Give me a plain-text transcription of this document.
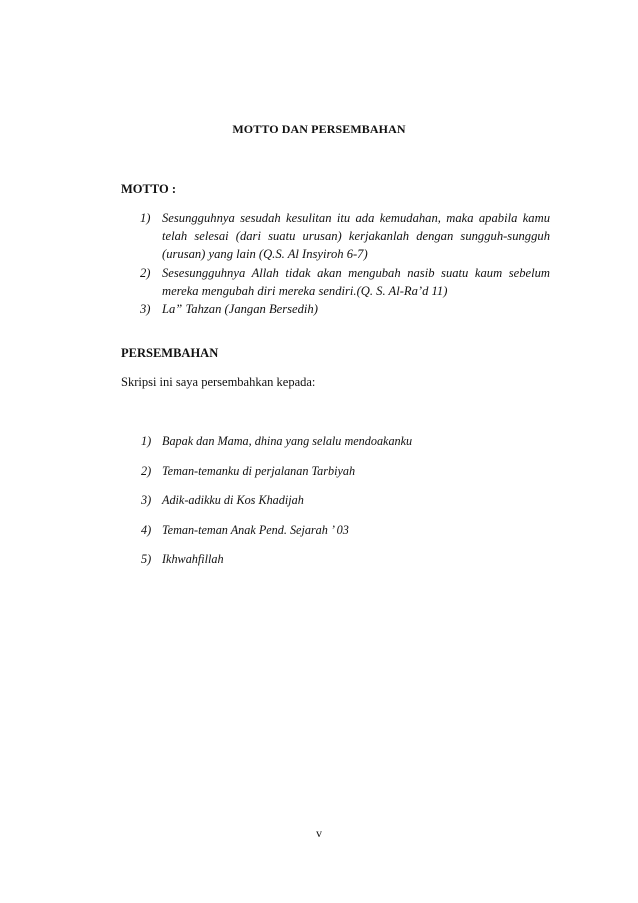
MOTTO DAN PERSEMBAHAN
MOTTO :
1) Sesungguhnya sesudah kesulitan itu ada kemudahan, maka apabila kamu telah selesai (dari suatu urusan) kerjakanlah dengan sungguh-sungguh (urusan) yang lain (Q.S. Al Insyiroh 6-7)
2) Sesesungguhnya Allah tidak akan mengubah nasib suatu kaum sebelum mereka mengubah diri mereka sendiri.(Q. S. Al-Ra’d 11)
3) La” Tahzan (Jangan Bersedih)
PERSEMBAHAN
Skripsi ini saya persembahkan kepada:
1) Bapak dan Mama, dhina yang selalu mendoakanku
2) Teman-temanku di perjalanan Tarbiyah
3) Adik-adikku di Kos Khadijah
4) Teman-teman Anak Pend. Sejarah ’ 03
5) Ikhwahfillah
v
